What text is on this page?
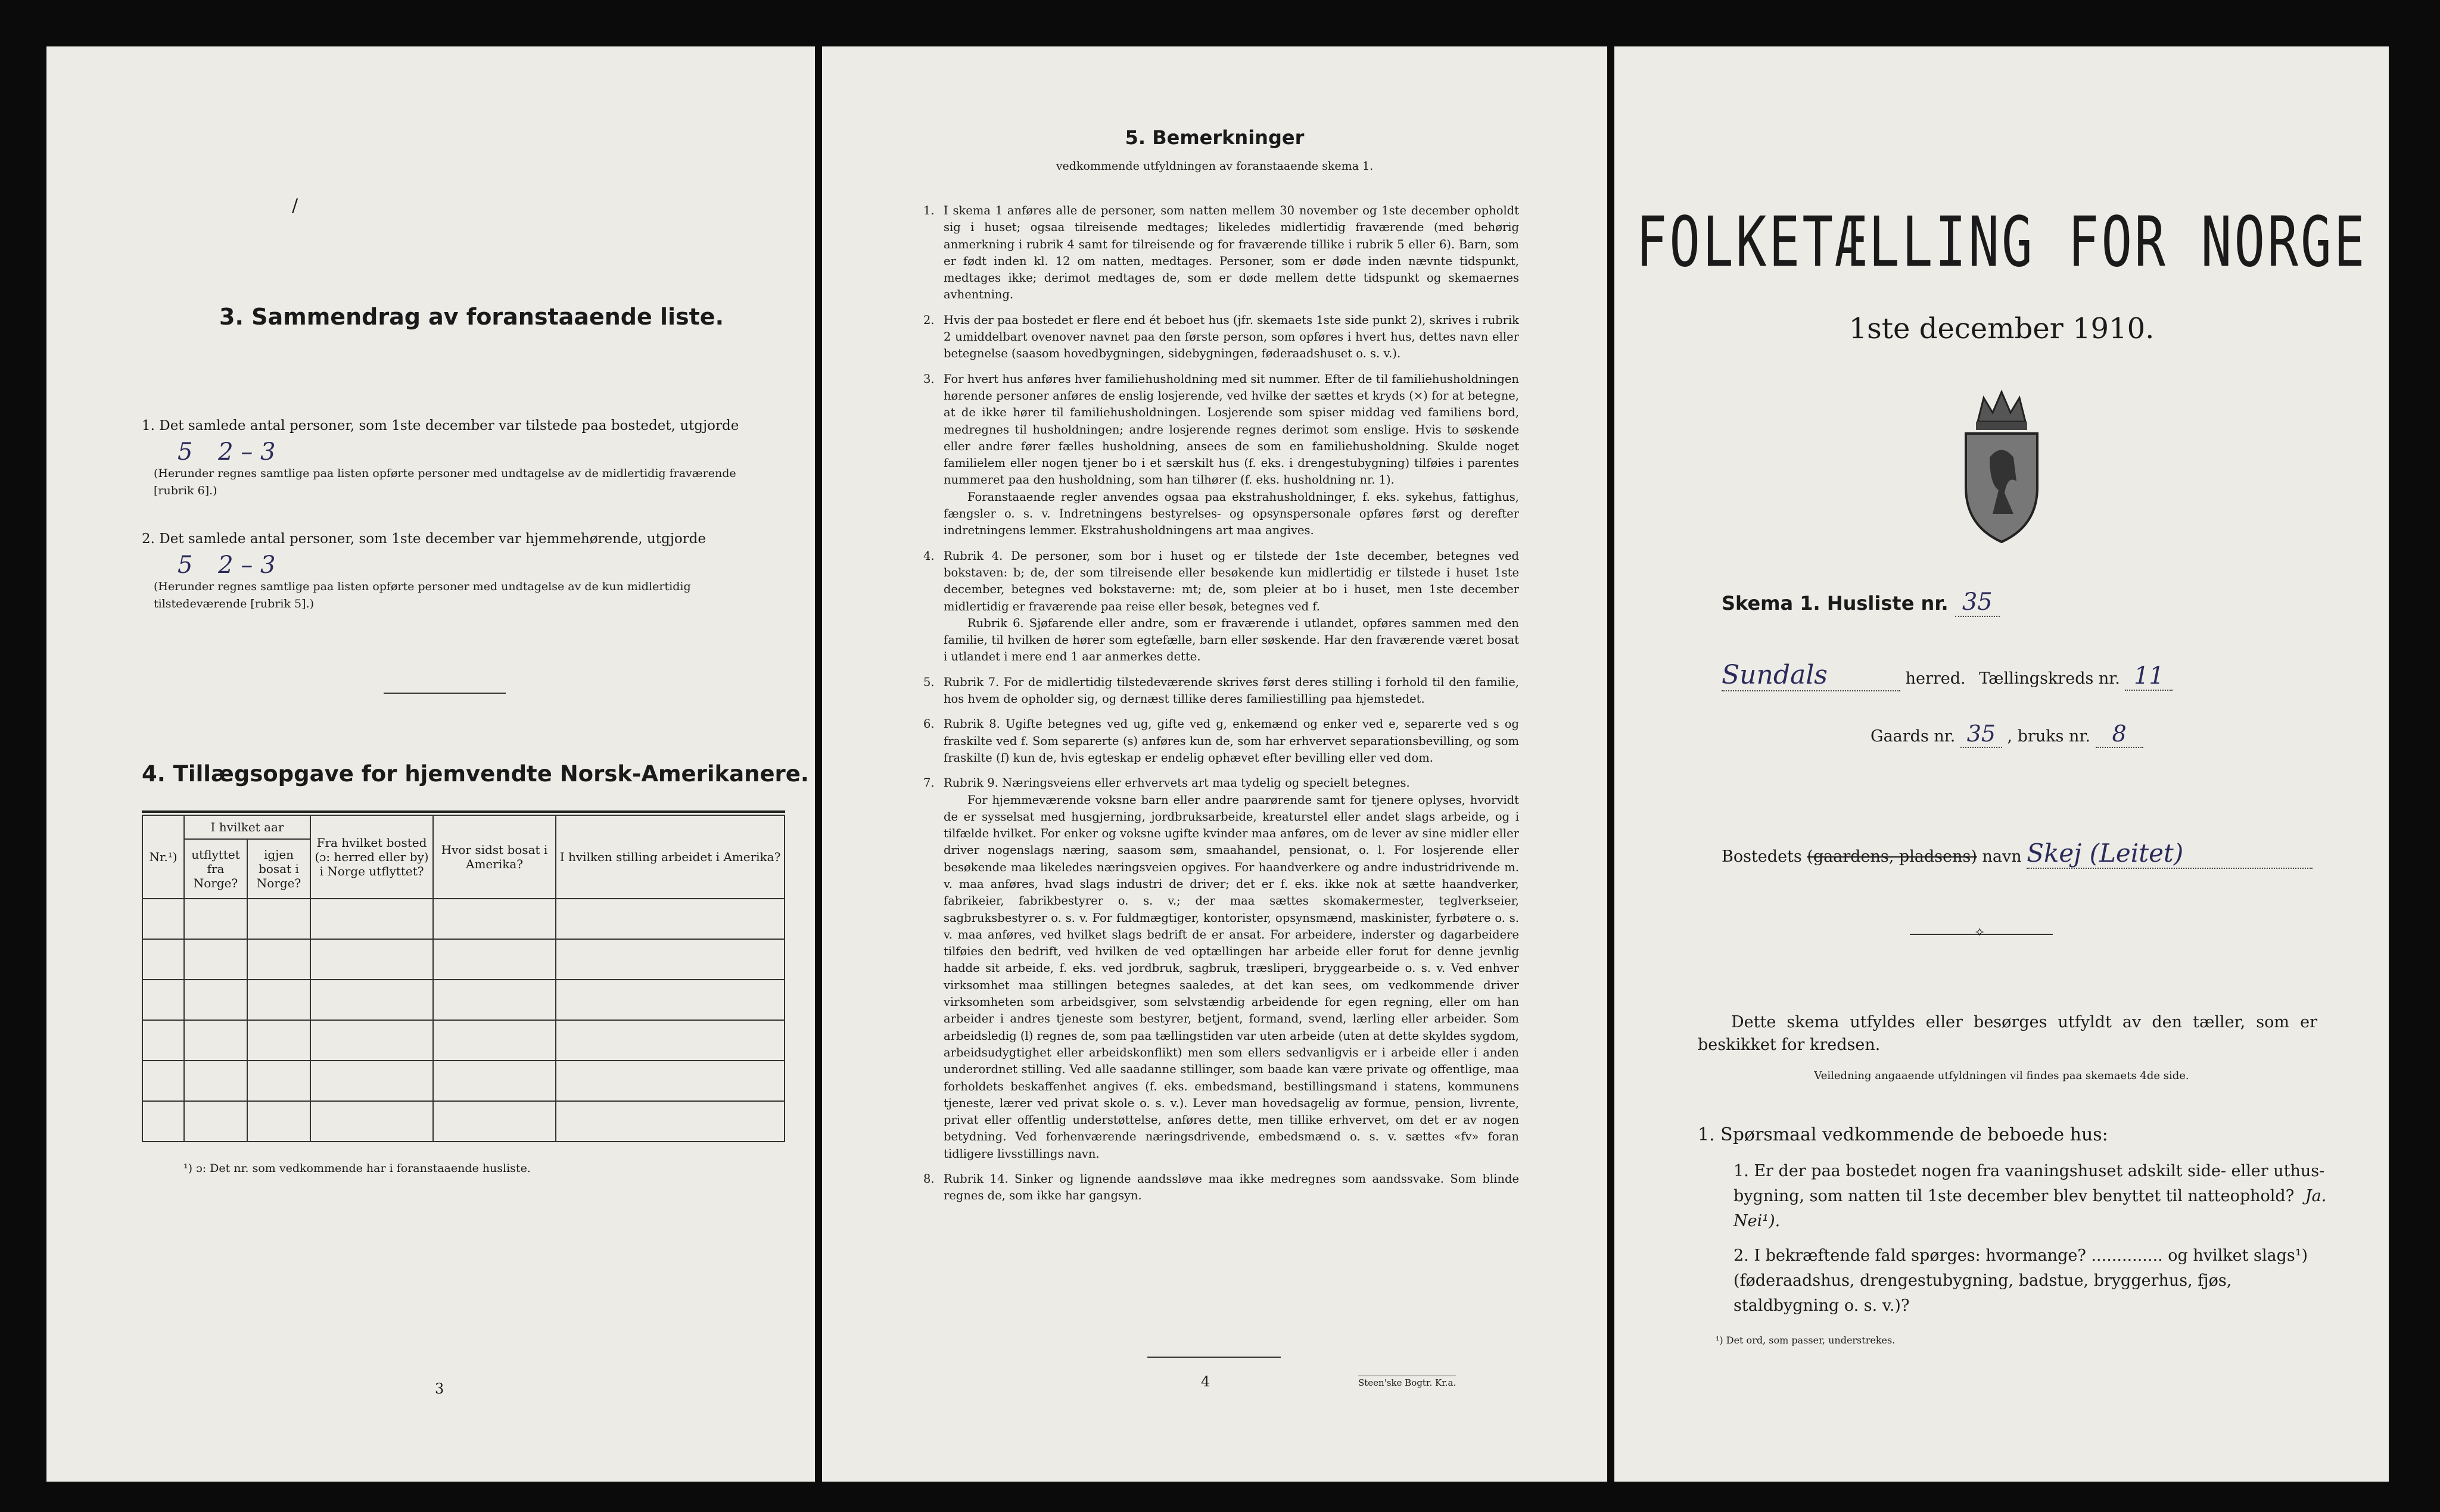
/
3. Sammendrag av foranstaaende liste.
1. Det samlede antal personer, som 1ste december var tilstede paa bostedet, utgjorde
5 2 – 3
(Herunder regnes samtlige paa listen opførte personer med undtagelse av de midlertidig fraværende [rubrik 6].)
2. Det samlede antal personer, som 1ste december var hjemmehørende, utgjorde
5 2 – 3
(Herunder regnes samtlige paa listen opførte personer med undtagelse av de kun midlertidig tilstedeværende [rubrik 5].)
4. Tillægsopgave for hjemvendte Norsk-Amerikanere.
Nr.¹)	I hvilket aar		Fra hvilket bosted (ɔ: herred eller by) i Norge utflyttet?	Hvor sidst bosat i Amerika?	I hvilken stilling arbeidet i Amerika?
	utflyttet fra Norge?	igjen bosat i Norge?			

¹) ɔ: Det nr. som vedkommende har i foranstaaende husliste.
3
5. Bemerkninger
vedkommende utfyldningen av foranstaaende skema 1.
1. I skema 1 anføres alle de personer, som natten mellem 30 november og 1ste december opholdt sig i huset; ogsaa tilreisende medtages; likeledes midlertidig fraværende (med behørig anmerkning i rubrik 4 samt for tilreisende og for fraværende tillike i rubrik 5 eller 6). Barn, som er født inden kl. 12 om natten, medtages. Personer, som er døde inden nævnte tidspunkt, medtages ikke; derimot medtages de, som er døde mellem dette tidspunkt og skemaernes avhentning.

2. Hvis der paa bostedet er flere end ét beboet hus (jfr. skemaets 1ste side punkt 2), skrives i rubrik 2 umiddelbart ovenover navnet paa den første person, som opføres i hvert hus, dettes navn eller betegnelse (saasom hovedbygningen, sidebygningen, føderaadshuset o. s. v.).

3. For hvert hus anføres hver familiehusholdning med sit nummer. Efter de til familiehusholdningen hørende personer anføres de enslig losjerende, ved hvilke der sættes et kryds (×) for at betegne, at de ikke hører til familiehusholdningen. Losjerende som spiser middag ved familiens bord, medregnes til husholdningen; andre losjerende regnes derimot som enslige. Hvis to søskende eller andre fører fælles husholdning, ansees de som en familiehusholdning. Skulde noget familielem eller nogen tjener bo i et særskilt hus (f. eks. i drengestubygning) tilføies i parentes nummeret paa den husholdning, som han tilhører (f. eks. husholdning nr. 1).

Foranstaaende regler anvendes ogsaa paa ekstrahusholdninger, f. eks. sykehus, fattighus, fængsler o. s. v. Indretningens bestyrelses- og opsynspersonale opføres først og derefter indretningens lemmer. Ekstrahusholdningens art maa angives.

4. Rubrik 4. De personer, som bor i huset og er tilstede der 1ste december, betegnes ved bokstaven: b; de, der som tilreisende eller besøkende kun midlertidig er tilstede i huset 1ste december, betegnes ved bokstaverne: mt; de, som pleier at bo i huset, men 1ste december midlertidig er fraværende paa reise eller besøk, betegnes ved f.

Rubrik 6. Sjøfarende eller andre, som er fraværende i utlandet, opføres sammen med den familie, til hvilken de hører som egtefælle, barn eller søskende. Har den fraværende været bosat i utlandet i mere end 1 aar anmerkes dette.

5. Rubrik 7. For de midlertidig tilstedeværende skrives først deres stilling i forhold til den familie, hos hvem de opholder sig, og dernæst tillike deres familiestilling paa hjemstedet.

6. Rubrik 8. Ugifte betegnes ved ug, gifte ved g, enkemænd og enker ved e, separerte ved s og fraskilte ved f. Som separerte (s) anføres kun de, som har erhvervet separationsbevilling, og som fraskilte (f) kun de, hvis egteskap er endelig ophævet efter bevilling eller ved dom.

7. Rubrik 9. Næringsveiens eller erhvervets art maa tydelig og specielt betegnes.

For hjemmeværende voksne barn eller andre paarørende samt for tjenere oplyses, hvorvidt de er sysselsat med husgjerning, jordbruksarbeide, kreaturstel eller andet slags arbeide, og i tilfælde hvilket. For enker og voksne ugifte kvinder maa anføres, om de lever av sine midler eller driver nogenslags næring, saasom søm, smaahandel, pensionat, o. l. For losjerende eller besøkende maa likeledes næringsveien opgives. For haandverkere og andre industridrivende m. v. maa anføres, hvad slags industri de driver; det er f. eks. ikke nok at sætte haandverker, fabrikeier, fabrikbestyrer o. s. v.; der maa sættes skomakermester, teglverkseier, sagbruksbestyrer o. s. v. For fuldmægtiger, kontorister, opsynsmænd, maskinister, fyrbøtere o. s. v. maa anføres, ved hvilket slags bedrift de er ansat. For arbeidere, inderster og dagarbeidere tilføies den bedrift, ved hvilken de ved optællingen har arbeide eller forut for denne jevnlig hadde sit arbeide, f. eks. ved jordbruk, sagbruk, træsliperi, bryggearbeide o. s. v. Ved enhver virksomhet maa stillingen betegnes saaledes, at det kan sees, om vedkommende driver virksomheten som arbeidsgiver, som selvstændig arbeidende for egen regning, eller om han arbeider i andres tjeneste som bestyrer, betjent, formand, svend, lærling eller arbeider. Som arbeidsledig (l) regnes de, som paa tællingstiden var uten arbeide (uten at dette skyldes sygdom, arbeidsudygtighet eller arbeidskonflikt) men som ellers sedvanligvis er i arbeide eller i anden underordnet stilling. Ved alle saadanne stillinger, som baade kan være private og offentlige, maa forholdets beskaffenhet angives (f. eks. embedsmand, bestillingsmand i statens, kommunens tjeneste, lærer ved privat skole o. s. v.). Lever man hovedsagelig av formue, pension, livrente, privat eller offentlig understøttelse, anføres dette, men tillike erhvervet, om det er av nogen betydning. Ved forhenværende næringsdrivende, embedsmænd o. s. v. sættes «fv» foran tidligere livsstillings navn.

8. Rubrik 14. Sinker og lignende aandssløve maa ikke medregnes som aandssvake. Som blinde regnes de, som ikke har gangsyn.

4	Steen'ske Bogtr. Kr.a.
FOLKETÆLLING FOR NORGE
1ste december 1910.
Skema 1. Husliste nr. 35
Sundals	herred. Tællingskreds nr. 11
Gaards nr. 35 , bruks nr. 8
Bostedets (gaardens, pladsens) navn Skej (Leitet)
✧
Dette skema utfyldes eller besørges utfyldt av den tæller, som er beskikket for kredsen.
Veiledning angaaende utfyldningen vil findes paa skemaets 4de side.
1. Spørsmaal vedkommende de beboede hus:
1. Er der paa bostedet nogen fra vaaningshuset adskilt side- eller uthus-bygning, som natten til 1ste december blev benyttet til natteophold? Ja. Nei¹).
2. I bekræftende fald spørges: hvormange? .............. og hvilket slags¹) (føderaadshus, drengestubygning, badstue, bryggerhus, fjøs, staldbygning o. s. v.)?
¹) Det ord, som passer, understrekes.
